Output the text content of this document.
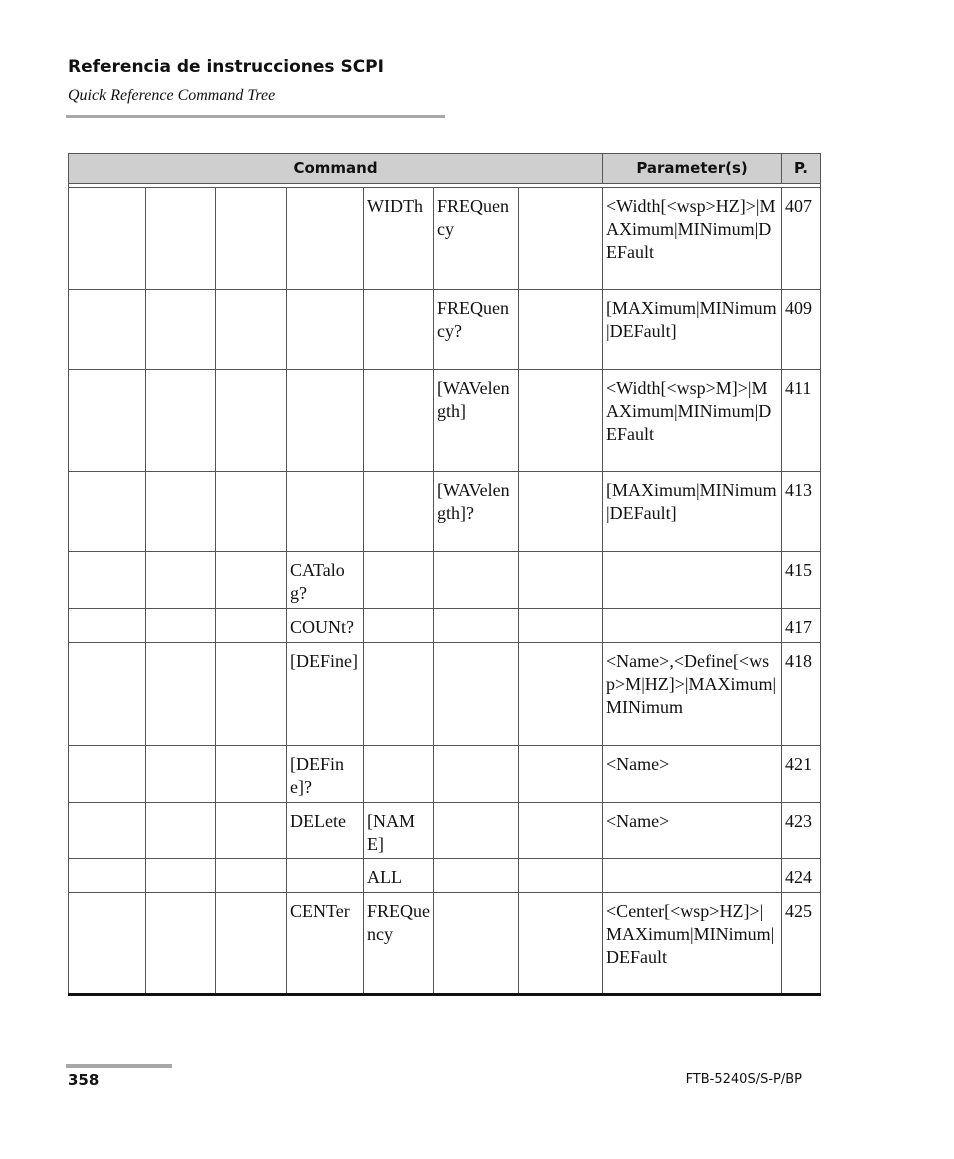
Referencia de instrucciones SCPI
Quick Reference Command Tree
Command							Parameter(s)	P.

				WIDTh	FREQuency		<Width[<wsp>HZ]>|MAXimum|MINimum|DEFault	407
					FREQuency?		[MAXimum|MINimum|DEFault]	409
					[WAVelength]		<Width[<wsp>M]>|MAXimum|MINimum|DEFault	411
					[WAVelength]?		[MAXimum|MINimum|DEFault]	413
			CATalog?					415
			COUNt?					417
			[DEFine]				<Name>,<Define[<wsp>M|HZ]>|MAXimum|MINimum	418
			[DEFine]?				<Name>	421
			DELete	[NAME]			<Name>	423
				ALL				424
			CENTer	FREQuency			<Center[<wsp>HZ]>|MAXimum|MINimum|DEFault	425
358	FTB-5240S/S-P/BP
